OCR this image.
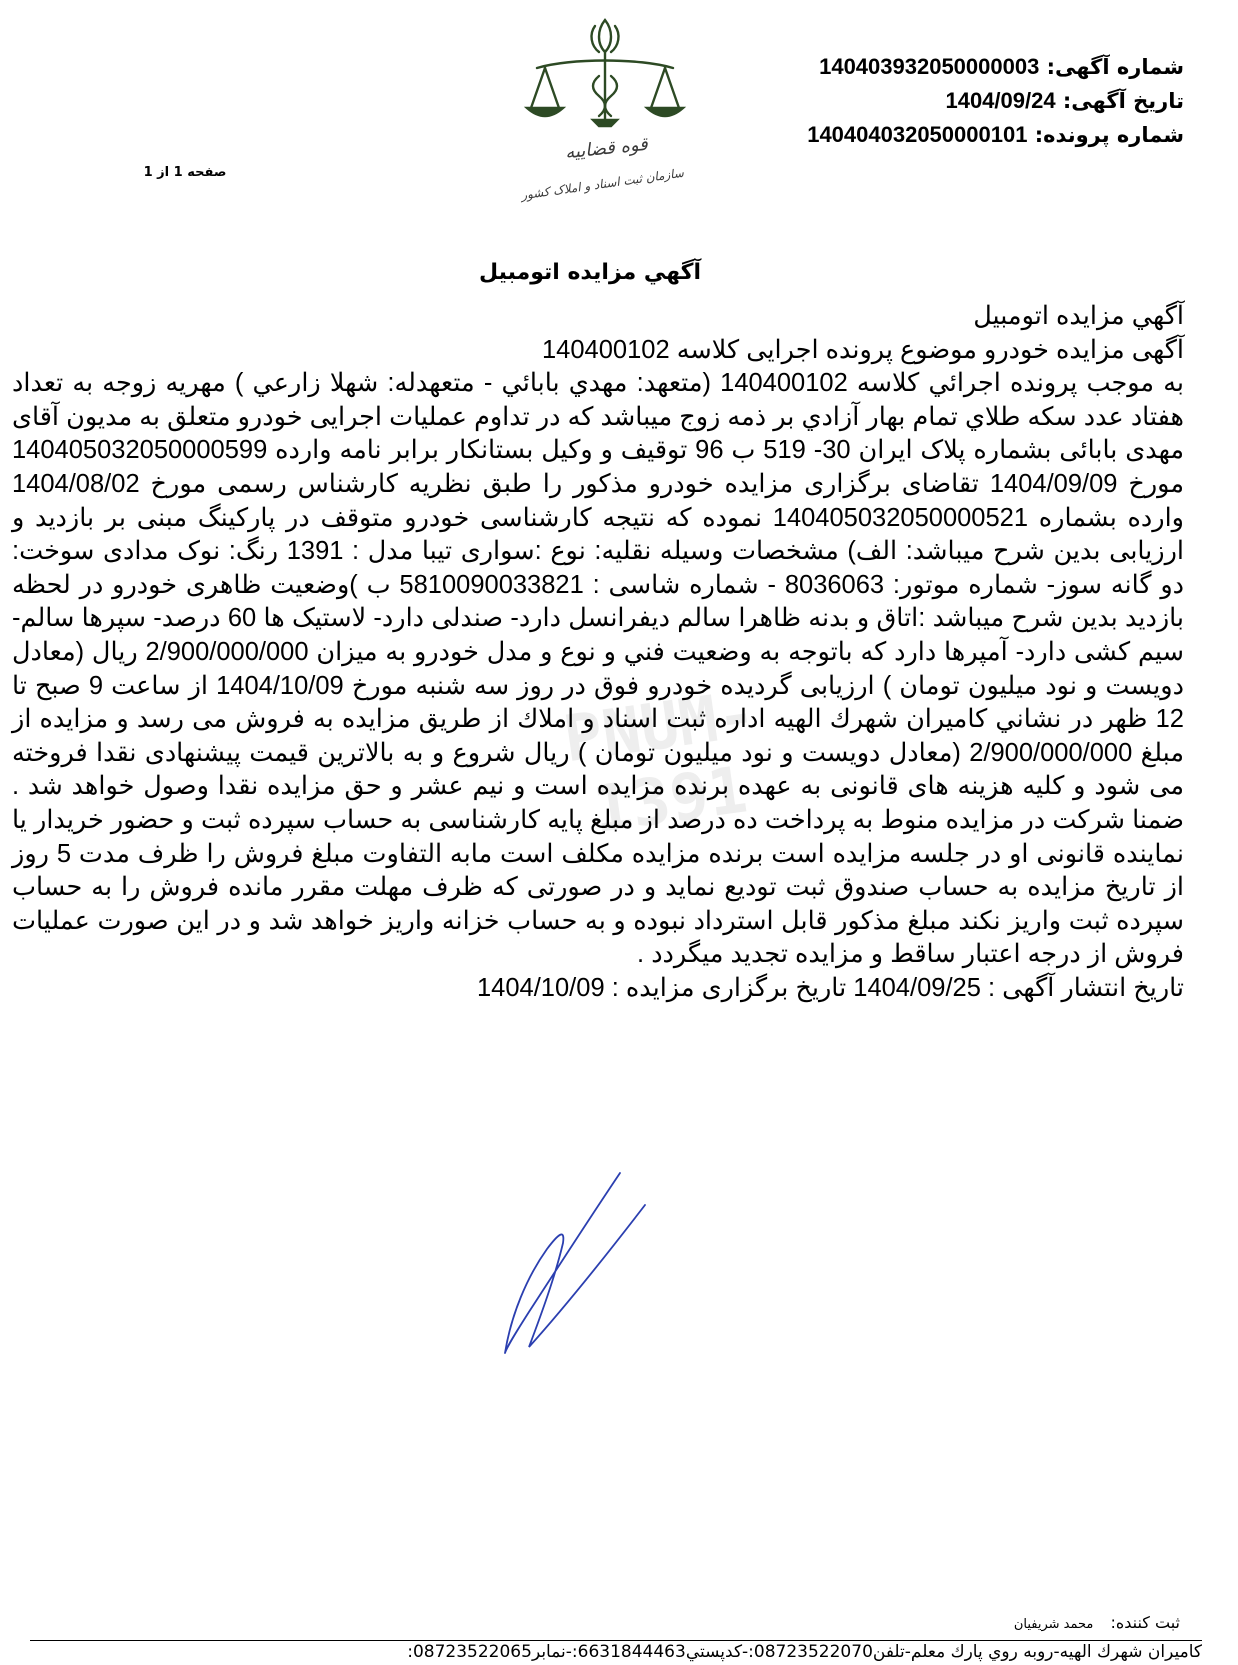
قوه قضاییه
سازمان ثبت اسناد و املاک کشور
شماره آگهی: 140403932050000003
تاریخ آگهی: 1404/09/24
شماره پرونده: 140404032050000101
صفحه 1 از 1
آگهي مزايده اتومبيل
PNUM-1391

آگهي مزايده اتومبيل

آگهی مزایده خودرو موضوع پرونده اجرایی کلاسه 140400102

به موجب پرونده اجرائي كلاسه 140400102 (متعهد: مهدي بابائي - متعهدله: شهلا زارعي ) مهريه زوجه به تعداد هفتاد عدد سكه طلاي تمام بهار آزادي بر ذمه زوج ميباشد كه در تداوم عمليات اجرايی خودرو متعلق به مديون آقای مهدی بابائی بشماره پلاک ايران 30- 519 ب 96 توقيف و وكيل بستانكار برابر نامه وارده 140405032050000599 مورخ 1404/09/09 تقاضای برگزاری مزايده خودرو مذكور را طبق نظريه كارشناس رسمی مورخ 1404/08/02 وارده بشماره 140405032050000521 نموده كه نتيجه كارشناسی خودرو متوقف در پاركينگ مبنی بر بازديد و ارزيابی بدين شرح ميباشد: الف) مشخصات وسيله نقليه: نوع :سواری تيبا مدل : 1391 رنگ: نوک مدادی سوخت: دو گانه سوز- شماره موتور: 8036063 - شماره شاسی : 5810090033821 ب )وضعيت ظاهری خودرو در لحظه بازديد بدين شرح ميباشد :اتاق و بدنه ظاهرا سالم ديفرانسل دارد- صندلی دارد- لاستيک ها 60 درصد- سپرها سالم- سيم كشی دارد- آمپرها دارد كه باتوجه به وضعيت فني و نوع و مدل خودرو به ميزان 2/900/000/000 ريال (معادل دويست و نود ميليون تومان ) ارزيابی گرديده خودرو فوق در روز سه شنبه مورخ 1404/10/09 از ساعت 9 صبح تا 12 ظهر در نشاني كاميران شهرك الهيه اداره ثبت اسناد و املاك از طريق مزايده به فروش می رسد و مزايده از مبلغ 2/900/000/000 (معادل دويست و نود ميليون تومان ) ريال شروع و به بالاترين قيمت پيشنهادی نقدا فروخته می شود و كليه هزينه های قانونی به عهده برنده مزايده است و نيم عشر و حق مزايده نقدا وصول خواهد شد . ضمنا شركت در مزايده منوط به پرداخت ده درصد از مبلغ پايه كارشناسی به حساب سپرده ثبت و حضور خريدار يا نماينده قانونی او در جلسه مزايده است برنده مزايده مكلف است مابه التفاوت مبلغ فروش را ظرف مدت 5 روز از تاريخ مزايده به حساب صندوق ثبت توديع نمايد و در صورتی كه ظرف مهلت مقرر مانده فروش را به حساب سپرده ثبت واريز نكند مبلغ مذكور قابل استرداد نبوده و به حساب خزانه واريز خواهد شد و در اين صورت عمليات فروش از درجه اعتبار ساقط و مزايده تجديد ميگردد .

تاريخ انتشار آگهی : 1404/09/25 تاريخ برگزاری مزايده : 1404/10/09

ثبت كننده: محمد شريفيان
كاميران شهرك الهيه-روبه روي پارك معلم-تلفن08723522070:-كدپستي6631844463:-نمابر08723522065:
